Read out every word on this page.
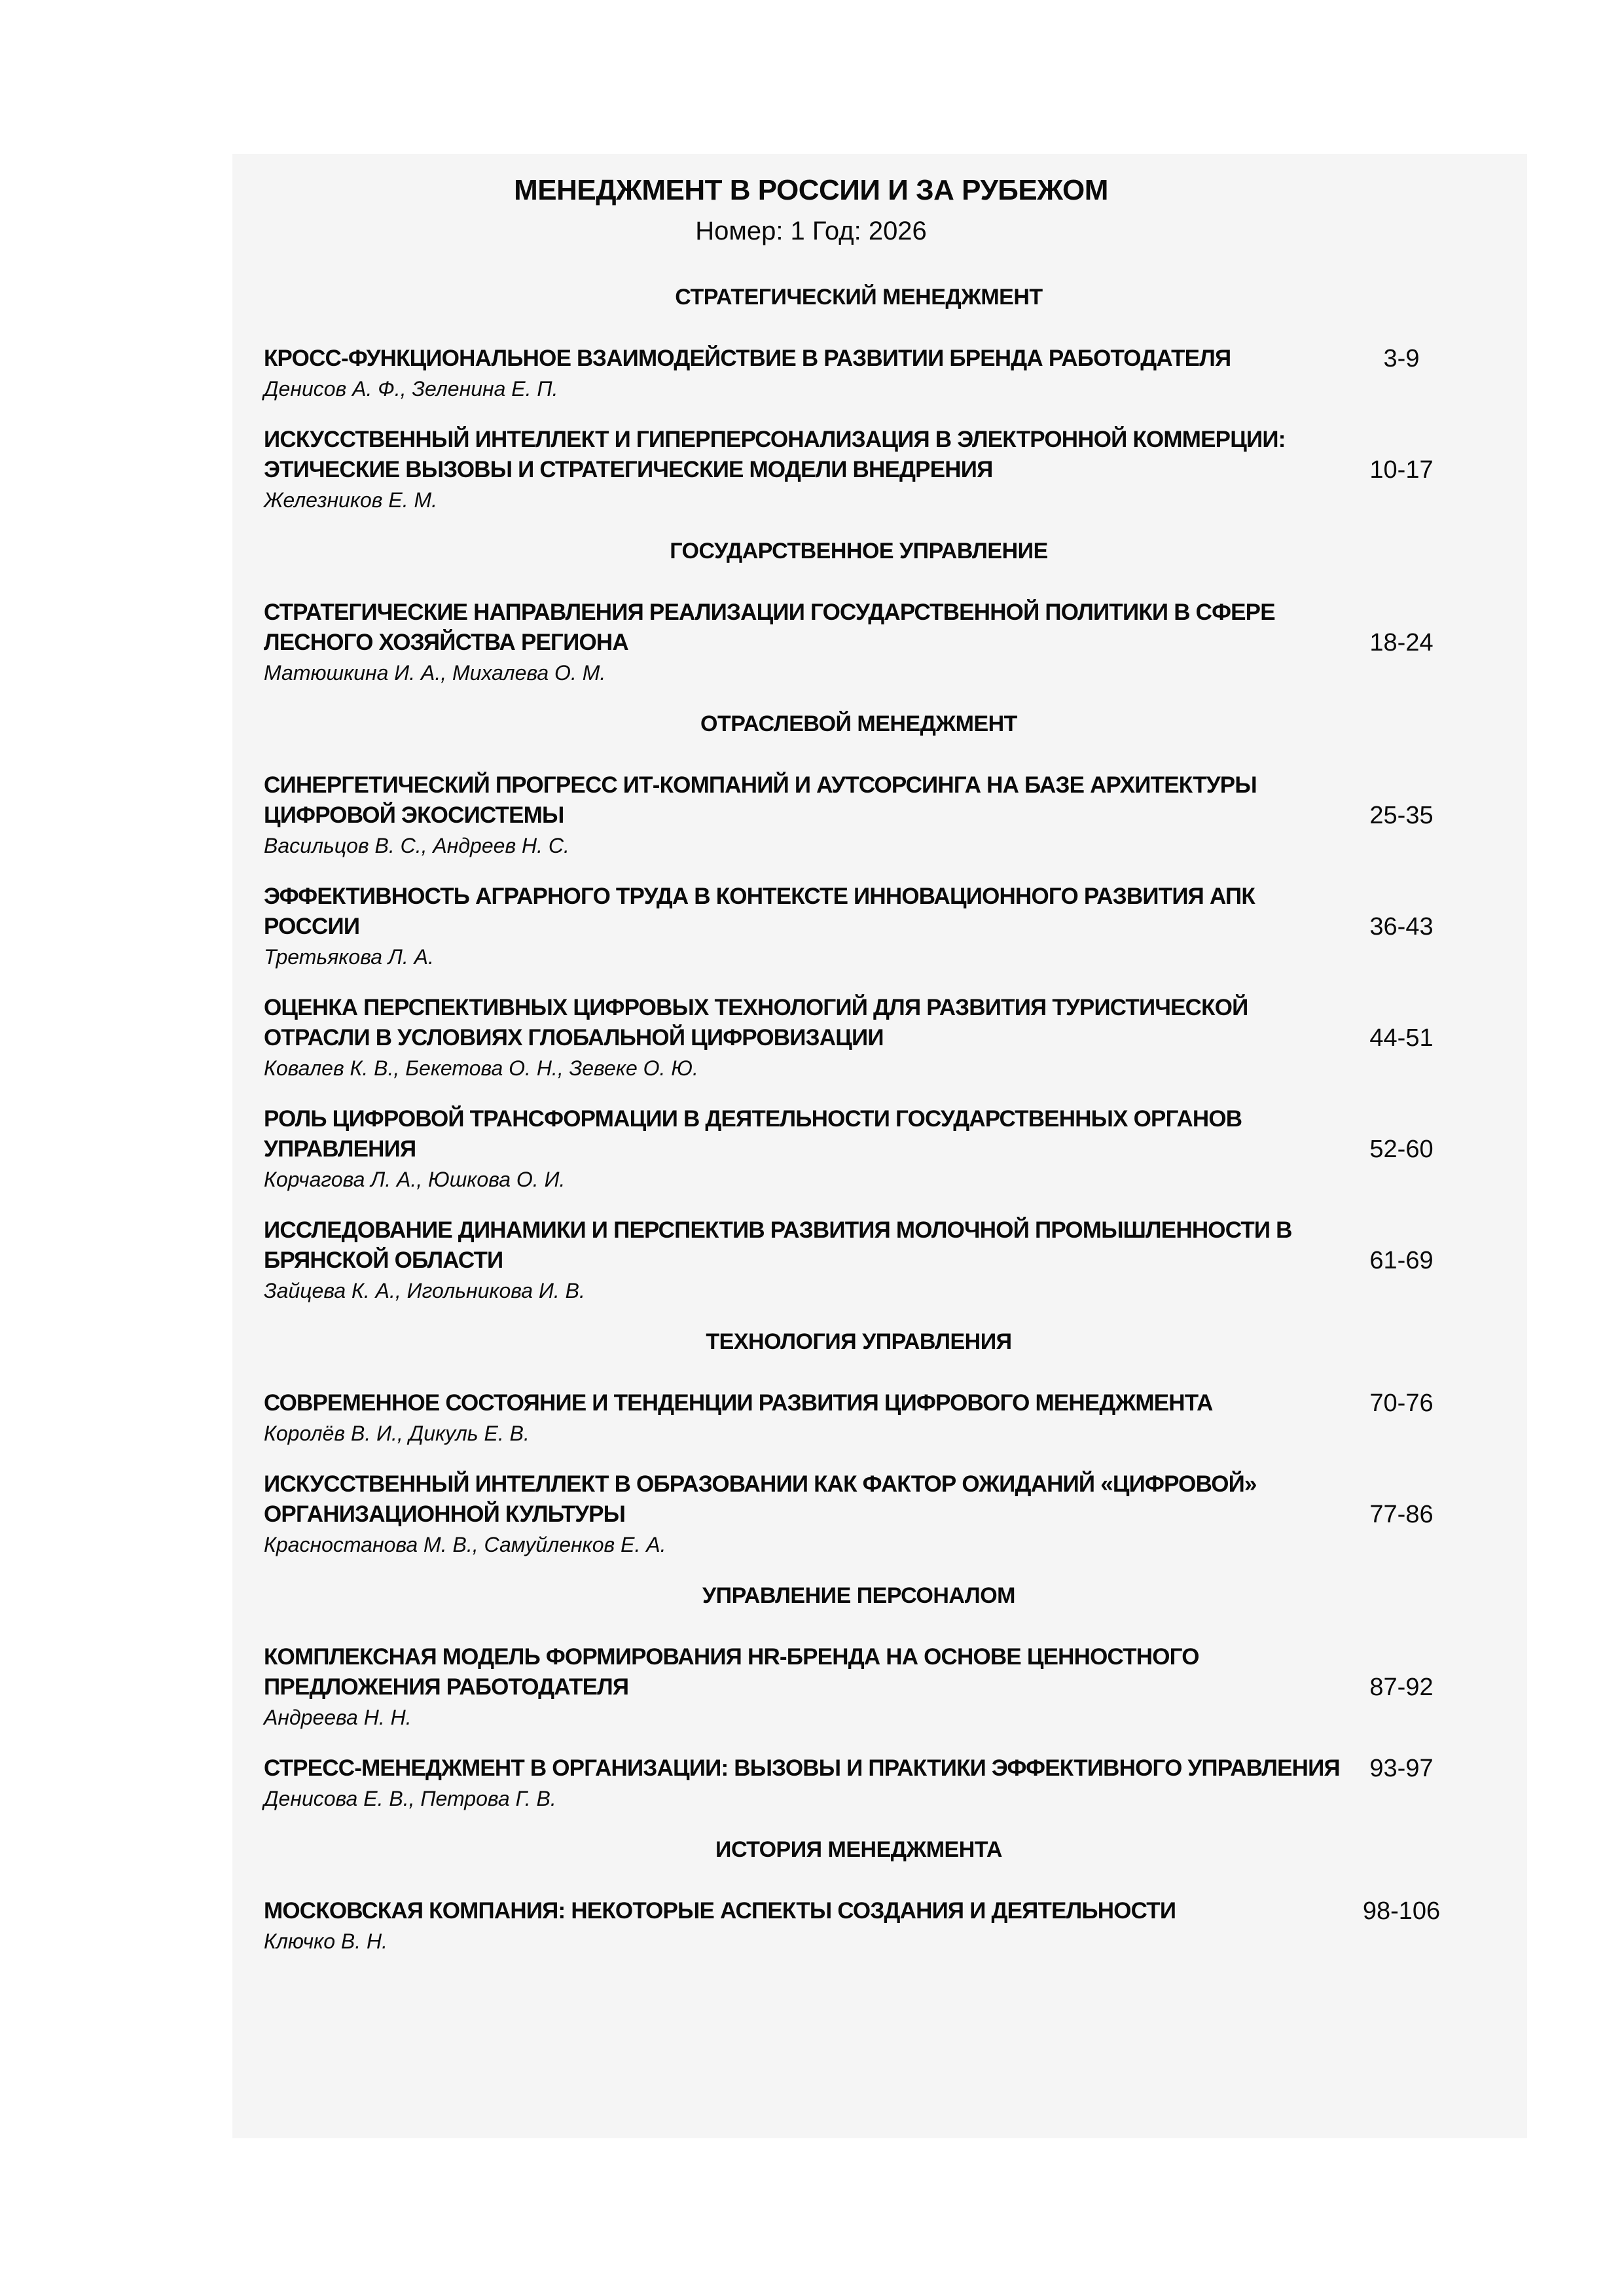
МЕНЕДЖМЕНТ В РОССИИ И ЗА РУБЕЖОМ
Номер: 1 Год: 2026
СТРАТЕГИЧЕСКИЙ МЕНЕДЖМЕНТ
КРОСС-ФУНКЦИОНАЛЬНОЕ ВЗАИМОДЕЙСТВИЕ В РАЗВИТИИ БРЕНДА РАБОТОДАТЕЛЯ	3-9
Денисов А. Ф., Зеленина Е. П.
ИСКУССТВЕННЫЙ ИНТЕЛЛЕКТ И ГИПЕРПЕРСОНАЛИЗАЦИЯ В ЭЛЕКТРОННОЙ КОММЕРЦИИ: ЭТИЧЕСКИЕ ВЫЗОВЫ И СТРАТЕГИЧЕСКИЕ МОДЕЛИ ВНЕДРЕНИЯ	10-17
Железников Е. М.
ГОСУДАРСТВЕННОЕ УПРАВЛЕНИЕ
СТРАТЕГИЧЕСКИЕ НАПРАВЛЕНИЯ РЕАЛИЗАЦИИ ГОСУДАРСТВЕННОЙ ПОЛИТИКИ В СФЕРЕ ЛЕСНОГО ХОЗЯЙСТВА РЕГИОНА	18-24
Матюшкина И. А., Михалева О. М.
ОТРАСЛЕВОЙ МЕНЕДЖМЕНТ
СИНЕРГЕТИЧЕСКИЙ ПРОГРЕСС ИТ-КОМПАНИЙ И АУТСОРСИНГА НА БАЗЕ АРХИТЕКТУРЫ ЦИФРОВОЙ ЭКОСИСТЕМЫ	25-35
Васильцов В. С., Андреев Н. С.
ЭФФЕКТИВНОСТЬ АГРАРНОГО ТРУДА В КОНТЕКСТЕ ИННОВАЦИОННОГО РАЗВИТИЯ АПК РОССИИ	36-43
Третьякова Л. А.
ОЦЕНКА ПЕРСПЕКТИВНЫХ ЦИФРОВЫХ ТЕХНОЛОГИЙ ДЛЯ РАЗВИТИЯ ТУРИСТИЧЕСКОЙ ОТРАСЛИ В УСЛОВИЯХ ГЛОБАЛЬНОЙ ЦИФРОВИЗАЦИИ	44-51
Ковалев К. В., Бекетова О. Н., Зевеке О. Ю.
РОЛЬ ЦИФРОВОЙ ТРАНСФОРМАЦИИ В ДЕЯТЕЛЬНОСТИ ГОСУДАРСТВЕННЫХ ОРГАНОВ УПРАВЛЕНИЯ	52-60
Корчагова Л. А., Юшкова О. И.
ИССЛЕДОВАНИЕ ДИНАМИКИ И ПЕРСПЕКТИВ РАЗВИТИЯ МОЛОЧНОЙ ПРОМЫШЛЕННОСТИ В БРЯНСКОЙ ОБЛАСТИ	61-69
Зайцева К. А., Игольникова И. В.
ТЕХНОЛОГИЯ УПРАВЛЕНИЯ
СОВРЕМЕННОЕ СОСТОЯНИЕ И ТЕНДЕНЦИИ РАЗВИТИЯ ЦИФРОВОГО МЕНЕДЖМЕНТА	70-76
Королёв В. И., Дикуль Е. В.
ИСКУССТВЕННЫЙ ИНТЕЛЛЕКТ В ОБРАЗОВАНИИ КАК ФАКТОР ОЖИДАНИЙ «ЦИФРОВОЙ» ОРГАНИЗАЦИОННОЙ КУЛЬТУРЫ	77-86
Красностанова М. В., Самуйленков Е. А.
УПРАВЛЕНИЕ ПЕРСОНАЛОМ
КОМПЛЕКСНАЯ МОДЕЛЬ ФОРМИРОВАНИЯ HR-БРЕНДА НА ОСНОВЕ ЦЕННОСТНОГО ПРЕДЛОЖЕНИЯ РАБОТОДАТЕЛЯ	87-92
Андреева Н. Н.
СТРЕСС-МЕНЕДЖМЕНТ В ОРГАНИЗАЦИИ: ВЫЗОВЫ И ПРАКТИКИ ЭФФЕКТИВНОГО УПРАВЛЕНИЯ	93-97
Денисова Е. В., Петрова Г. В.
ИСТОРИЯ МЕНЕДЖМЕНТА
МОСКОВСКАЯ КОМПАНИЯ: НЕКОТОРЫЕ АСПЕКТЫ СОЗДАНИЯ И ДЕЯТЕЛЬНОСТИ	98-106
Ключко В. Н.
